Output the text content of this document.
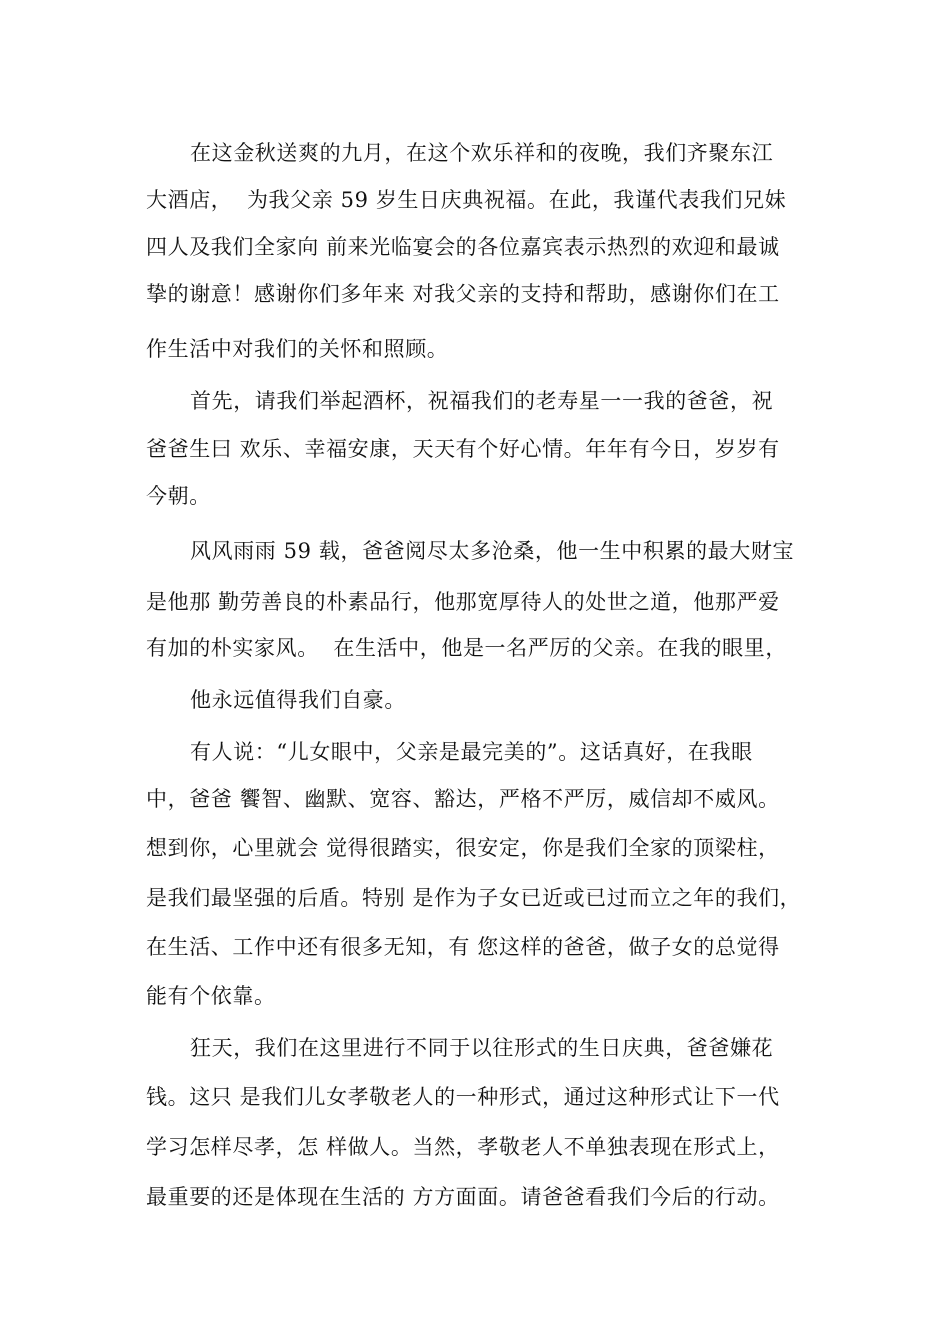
在这金秋送爽的九月，在这个欢乐祥和的夜晚，我们齐聚东江
大酒店，  为我父亲 59 岁生日庆典祝福。在此，我谨代表我们兄妹
四人及我们全家向 前来光临宴会的各位嘉宾表示热烈的欢迎和最诚
挚的谢意！感谢你们多年来 对我父亲的支持和帮助，感谢你们在工
作生活中对我们的关怀和照顾。
首先，请我们举起酒杯，祝福我们的老寿星一一我的爸爸，祝
爸爸生曰 欢乐、幸福安康，天天有个好心情。年年有今日，岁岁有
今朝。
风风雨雨 59 载，爸爸阅尽太多沧桑，他一生中积累的最大财宝
是他那 勤劳善良的朴素品行，他那宽厚待人的处世之道，他那严爱
有加的朴实家风。  在生活中，他是一名严厉的父亲。在我的眼里，
他永远值得我们自豪。
有人说：“儿女眼中，父亲是最完美的”。这话真好，在我眼
中，爸爸 饗智、幽默、宽容、豁达，严格不严厉，威信却不威风。
想到你，心里就会 觉得很踏实，很安定，你是我们全家的顶梁柱，
是我们最坚强的后盾。特别 是作为子女已近或已过而立之年的我们，
在生活、工作中还有很多无知，有 您这样的爸爸，做子女的总觉得
能有个依靠。
狂天，我们在这里进行不同于以往形式的生日庆典，爸爸嫌花
钱。这只 是我们儿女孝敬老人的一种形式，通过这种形式让下一代
学习怎样尽孝，怎 样做人。当然，孝敬老人不单独表现在形式上，
最重要的还是体现在生活的 方方面面。请爸爸看我们今后的行动。
